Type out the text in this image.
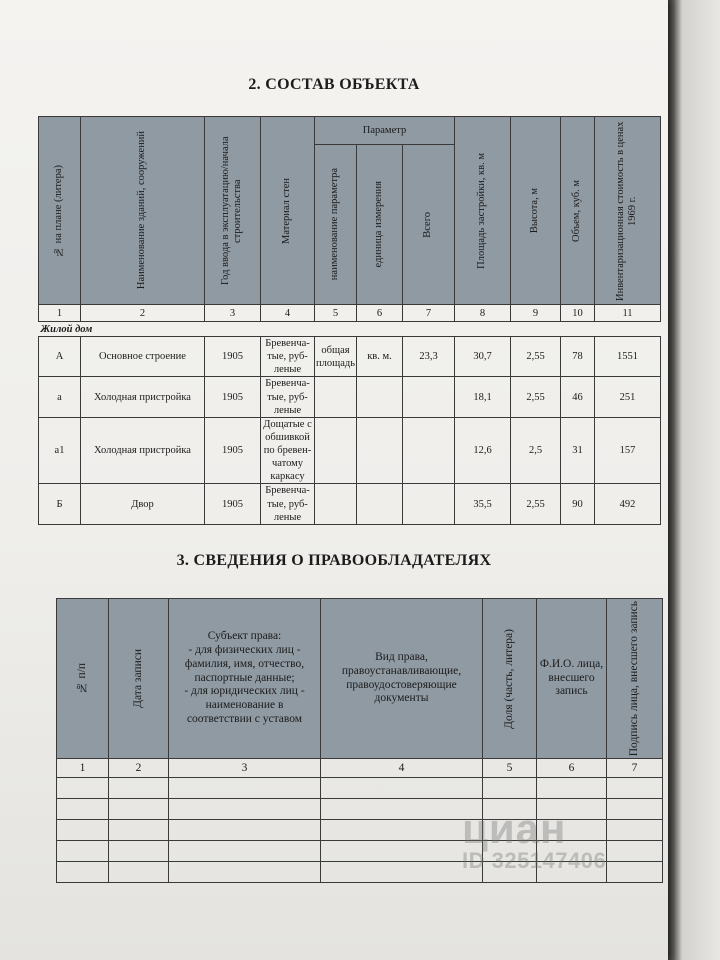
2. СОСТАВ ОБЪЕКТА
№ на плане (литера)	Наименование зданий, сооружений	Год ввода в эксплуатацию/начала строительства	Материал стен	Параметр			Площадь застройки, кв. м	Высота, м	Объем, куб. м	Инвентаризационная стоимость в ценах 1969 г.

				наименование параметра	единица измерения	Всего				

1	2	3	4	5	6	7	8	9	10	11
Жилой дом										
А	Основное строение	1905	Бревенча-тые, руб-леные	общая площадь	кв. м.	23,3	30,7	2,55	78	1551
а	Холодная пристройка	1905	Бревенча-тые, руб-леные				18,1	2,55	46	251
а1	Холодная пристройка	1905	Дощатые с обшивкой по бревен-чатому каркасу				12,6	2,5	31	157
Б	Двор	1905	Бревенча-тые, руб-леные				35,5	2,55	90	492
3. СВЕДЕНИЯ О ПРАВООБЛАДАТЕЛЯХ
№ п/п	Дата записи	Субъект права:
- для физических лиц - фамилия, имя, отчество, паспортные данные;
- для юридических лиц - наименование в соответствии с уставом	Вид права, правоустанавливающие, правоудостоверяющие документы	Доля (часть, литера)	Ф.И.О. лица, внесшего запись	Подпись лица, внесшего запись

1	2	3	4	5	6	7

циан
ID 325147406
